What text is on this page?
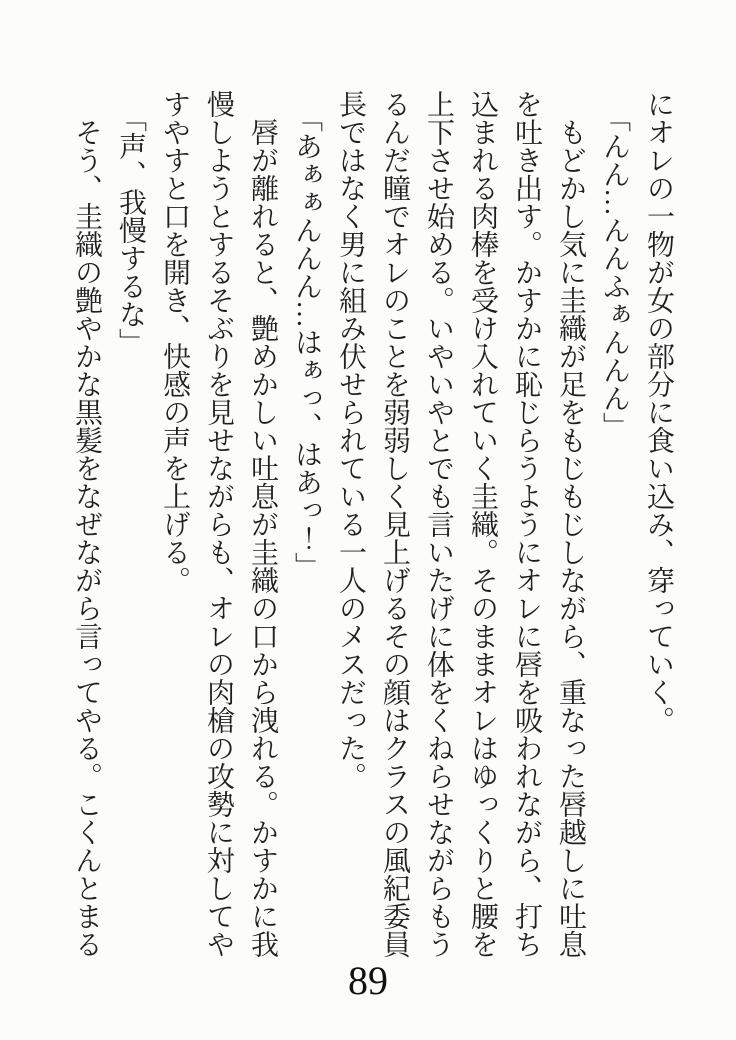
にオレの一物が女の部分に食い込み、穿っていく。
「んん…んんふぁんんん」
もどかし気に圭織が足をもじもじしながら、重なった唇越しに吐息
を吐き出す。かすかに恥じらうようにオレに唇を吸われながら、打ち
込まれる肉棒を受け入れていく圭織。そのままオレはゆっくりと腰を
上下させ始める。いやいやとでも言いたげに体をくねらせながらもう
るんだ瞳でオレのことを弱弱しく見上げるその顔はクラスの風紀委員
長ではなく男に組み伏せられている一人のメスだった。
「あぁぁんんん…はぁっ、はあっ！」
唇が離れると、艶めかしい吐息が圭織の口から洩れる。かすかに我
慢しようとするそぶりを見せながらも、オレの肉槍の攻勢に対してや
すやすと口を開き、快感の声を上げる。
「声、我慢するな」
そう、圭織の艶やかな黒髪をなぜながら言ってやる。こくんとまる
89
